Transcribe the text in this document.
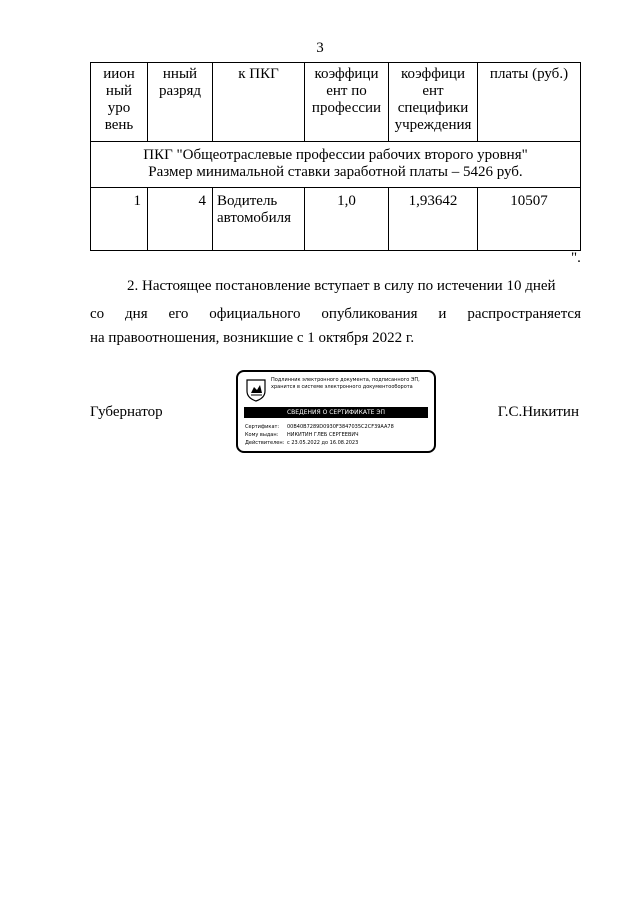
3
иион ный уро вень	нный разряд	к ПКГ	коэффици ент по профессии	коэффици ент специфики учреждения	платы (руб.)

ПКГ "Общеотраслевые профессии рабочих второго уровня"
Размер минимальной ставки заработной платы – 5426 руб.					

1	4	Водитель автомобиля	1,0	1,93642	10507
".
2. Настоящее постановление вступает в силу по истечении 10 дней
со дня его официального опубликования и распространяется
на правоотношения, возникшие с 1 октября 2022 г.
Губернатор	Г.С.Никитин
Подлинник электронного документа, подписанного ЭП, хранится в системе электронного документооборота
СВЕДЕНИЯ О СЕРТИФИКАТЕ ЭП
Сертификат: 00B40B7289D0930F3847035C2CF39AA78
Кому выдан: НИКИТИН ГЛЕБ СЕРГЕЕВИЧ
Действителен: с 23.05.2022 до 16.08.2023
